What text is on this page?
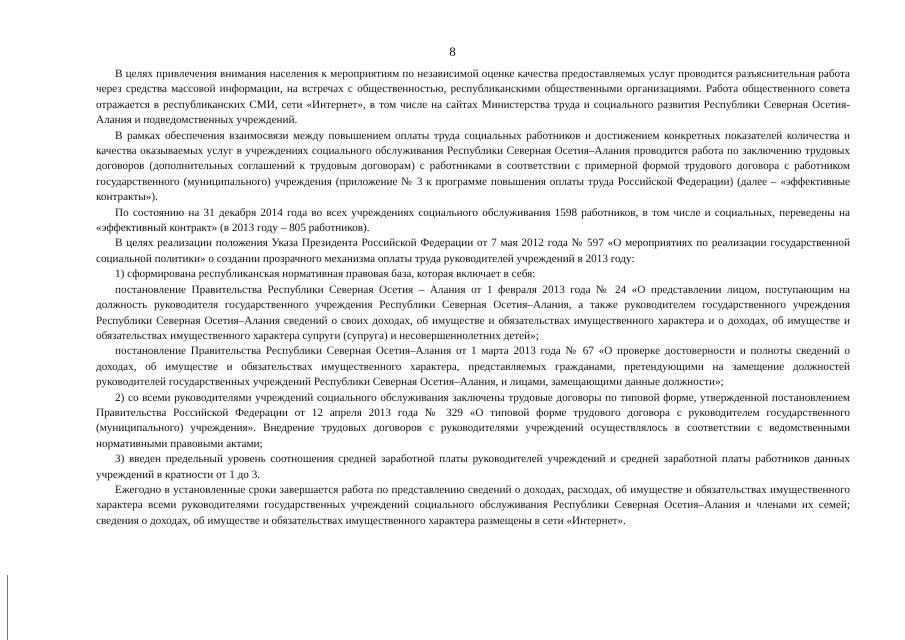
8

В целях привлечения внимания населения к мероприятиям по независимой оценке качества предоставляемых услуг проводится разъяснительная работа через средства массовой информации, на встречах с общественностью, республиканскими общественными организациями. Работа общественного совета отражается в республиканских СМИ, сети «Интернет», в том числе на сайтах Министерства труда и социального развития Республики Северная Осетия-Алания и подведомственных учреждений.

В рамках обеспечения взаимосвязи между повышением оплаты труда социальных работников и достижением конкретных показателей количества и качества оказываемых услуг в учреждениях социального обслуживания Республики Северная Осетия–Алания проводится работа по заключению трудовых договоров (дополнительных соглашений к трудовым договорам) с работниками в соответствии с примерной формой трудового договора с работником государственного (муниципального) учреждения (приложение № 3 к программе повышения оплаты труда Российской Федерации) (далее – «эффективные контракты»).

По состоянию на 31 декабря 2014 года во всех учреждениях социального обслуживания 1598 работников, в том числе и социальных, переведены на «эффективный контракт» (в 2013 году – 805 работников).

В целях реализации положения Указа Президента Российской Федерации от 7 мая 2012 года № 597 «О мероприятиях по реализации государственной социальной политики» о создании прозрачного механизма оплаты труда руководителей учреждений в 2013 году:

1) сформирована республиканская нормативная правовая база, которая включает в себя:

постановление Правительства Республики Северная Осетия – Алания от 1 февраля 2013 года № 24 «О представлении лицом, поступающим на должность руководителя государственного учреждения Республики Северная Осетия–Алания, а также руководителем государственного учреждения Республики Северная Осетия–Алания сведений о своих доходах, об имуществе и обязательствах имущественного характера и о доходах, об имуществе и обязательствах имущественного характера супруги (супруга) и несовершеннолетних детей»;

постановление Правительства Республики Северная Осетия–Алания от 1 марта 2013 года № 67 «О проверке достоверности и полноты сведений о доходах, об имуществе и обязательствах имущественного характера, представляемых гражданами, претендующими на замещение должностей руководителей государственных учреждений Республики Северная Осетия–Алания, и лицами, замещающими данные должности»;

2) со всеми руководителями учреждений социального обслуживания заключены трудовые договоры по типовой форме, утвержденной постановлением Правительства Российской Федерации от 12 апреля 2013 года № 329 «О типовой форме трудового договора с руководителем государственного (муниципального) учреждения». Внедрение трудовых договоров с руководителями учреждений осуществлялось в соответствии с ведомственными нормативными правовыми актами;

3) введен предельный уровень соотношения средней заработной платы руководителей учреждений и средней заработной платы работников данных учреждений в кратности от 1 до 3.

Ежегодно в установленные сроки завершается работа по представлению сведений о доходах, расходах, об имуществе и обязательствах имущественного характера всеми руководителями государственных учреждений социального обслуживания Республики Северная Осетия–Алания и членами их семей; сведения о доходах, об имуществе и обязательствах имущественного характера размещены в сети «Интернет».
